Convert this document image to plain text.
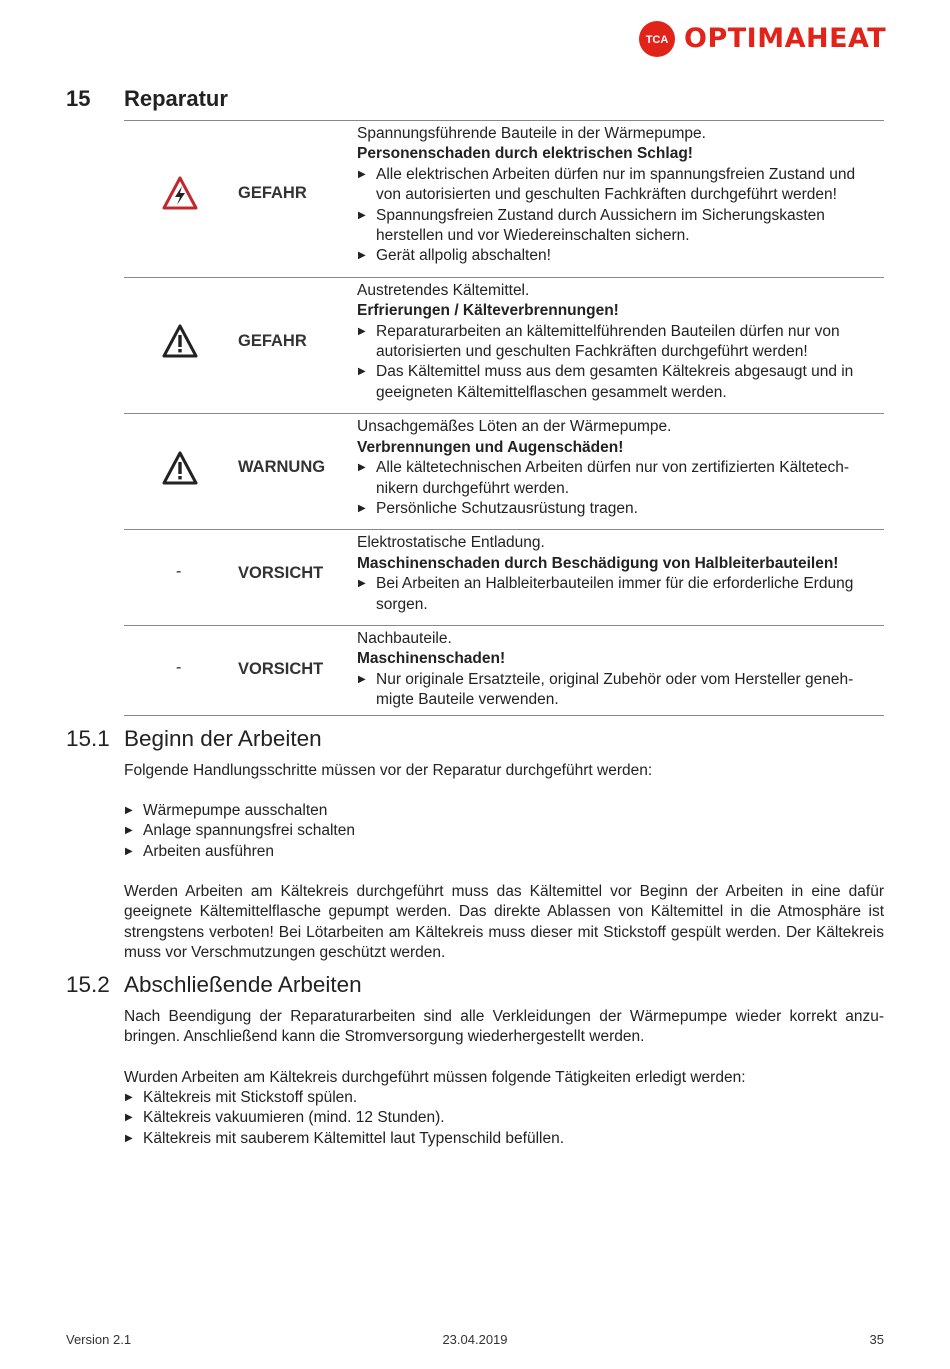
TCA OPTIMAHEAT
15 Reparatur
GEFAHR
Spannungsführende Bauteile in der Wärmepumpe.
Personenschaden durch elektrischen Schlag!
▶ Alle elektrischen Arbeiten dürfen nur im spannungsfreien Zustand und von autorisierten und geschulten Fachkräften durchgeführt werden!
▶ Spannungsfreien Zustand durch Aussichern im Sicherungskasten herstellen und vor Wiedereinschalten sichern.
▶ Gerät allpolig abschalten!
GEFAHR
Austretendes Kältemittel.
Erfrierungen / Kälteverbrennungen!
▶ Reparaturarbeiten an kältemittelführenden Bauteilen dürfen nur von autorisierten und geschulten Fachkräften durchgeführt werden!
▶ Das Kältemittel muss aus dem gesamten Kältekreis abgesaugt und in geeigneten Kältemittelflaschen gesammelt werden.
WARNUNG
Unsachgemäßes Löten an der Wärmepumpe.
Verbrennungen und Augenschäden!
▶ Alle kältetechnischen Arbeiten dürfen nur von zertifizierten Kältetech- nikern durchgeführt werden.
▶ Persönliche Schutzausrüstung tragen.
-	VORSICHT
Elektrostatische Entladung.
Maschinenschaden durch Beschädigung von Halbleiterbauteilen!
▶ Bei Arbeiten an Halbleiterbauteilen immer für die erforderliche Erdung sorgen.
-	VORSICHT
Nachbauteile.
Maschinenschaden!
▶ Nur originale Ersatzteile, original Zubehör oder vom Hersteller geneh- migte Bauteile verwenden.
15.1 Beginn der Arbeiten
Folgende Handlungsschritte müssen vor der Reparatur durchgeführt werden:
▶ Wärmepumpe ausschalten
▶ Anlage spannungsfrei schalten
▶ Arbeiten ausführen
Werden Arbeiten am Kältekreis durchgeführt muss das Kältemittel vor Beginn der Arbeiten in eine dafür geeignete Kältemittelflasche gepumpt werden. Das direkte Ablassen von Kältemittel in die Atmosphäre ist strengstens verboten! Bei Lötarbeiten am Kältekreis muss dieser mit Stickstoff gespült werden. Der Kältekreis muss vor Verschmutzungen geschützt werden.
15.2 Abschließende Arbeiten
Nach Beendigung der Reparaturarbeiten sind alle Verkleidungen der Wärmepumpe wieder korrekt anzu- bringen. Anschließend kann die Stromversorgung wiederhergestellt werden.
Wurden Arbeiten am Kältekreis durchgeführt müssen folgende Tätigkeiten erledigt werden:
▶ Kältekreis mit Stickstoff spülen.
▶ Kältekreis vakuumieren (mind. 12 Stunden).
▶ Kältekreis mit sauberem Kältemittel laut Typenschild befüllen.
Version 2.1	23.04.2019	35
